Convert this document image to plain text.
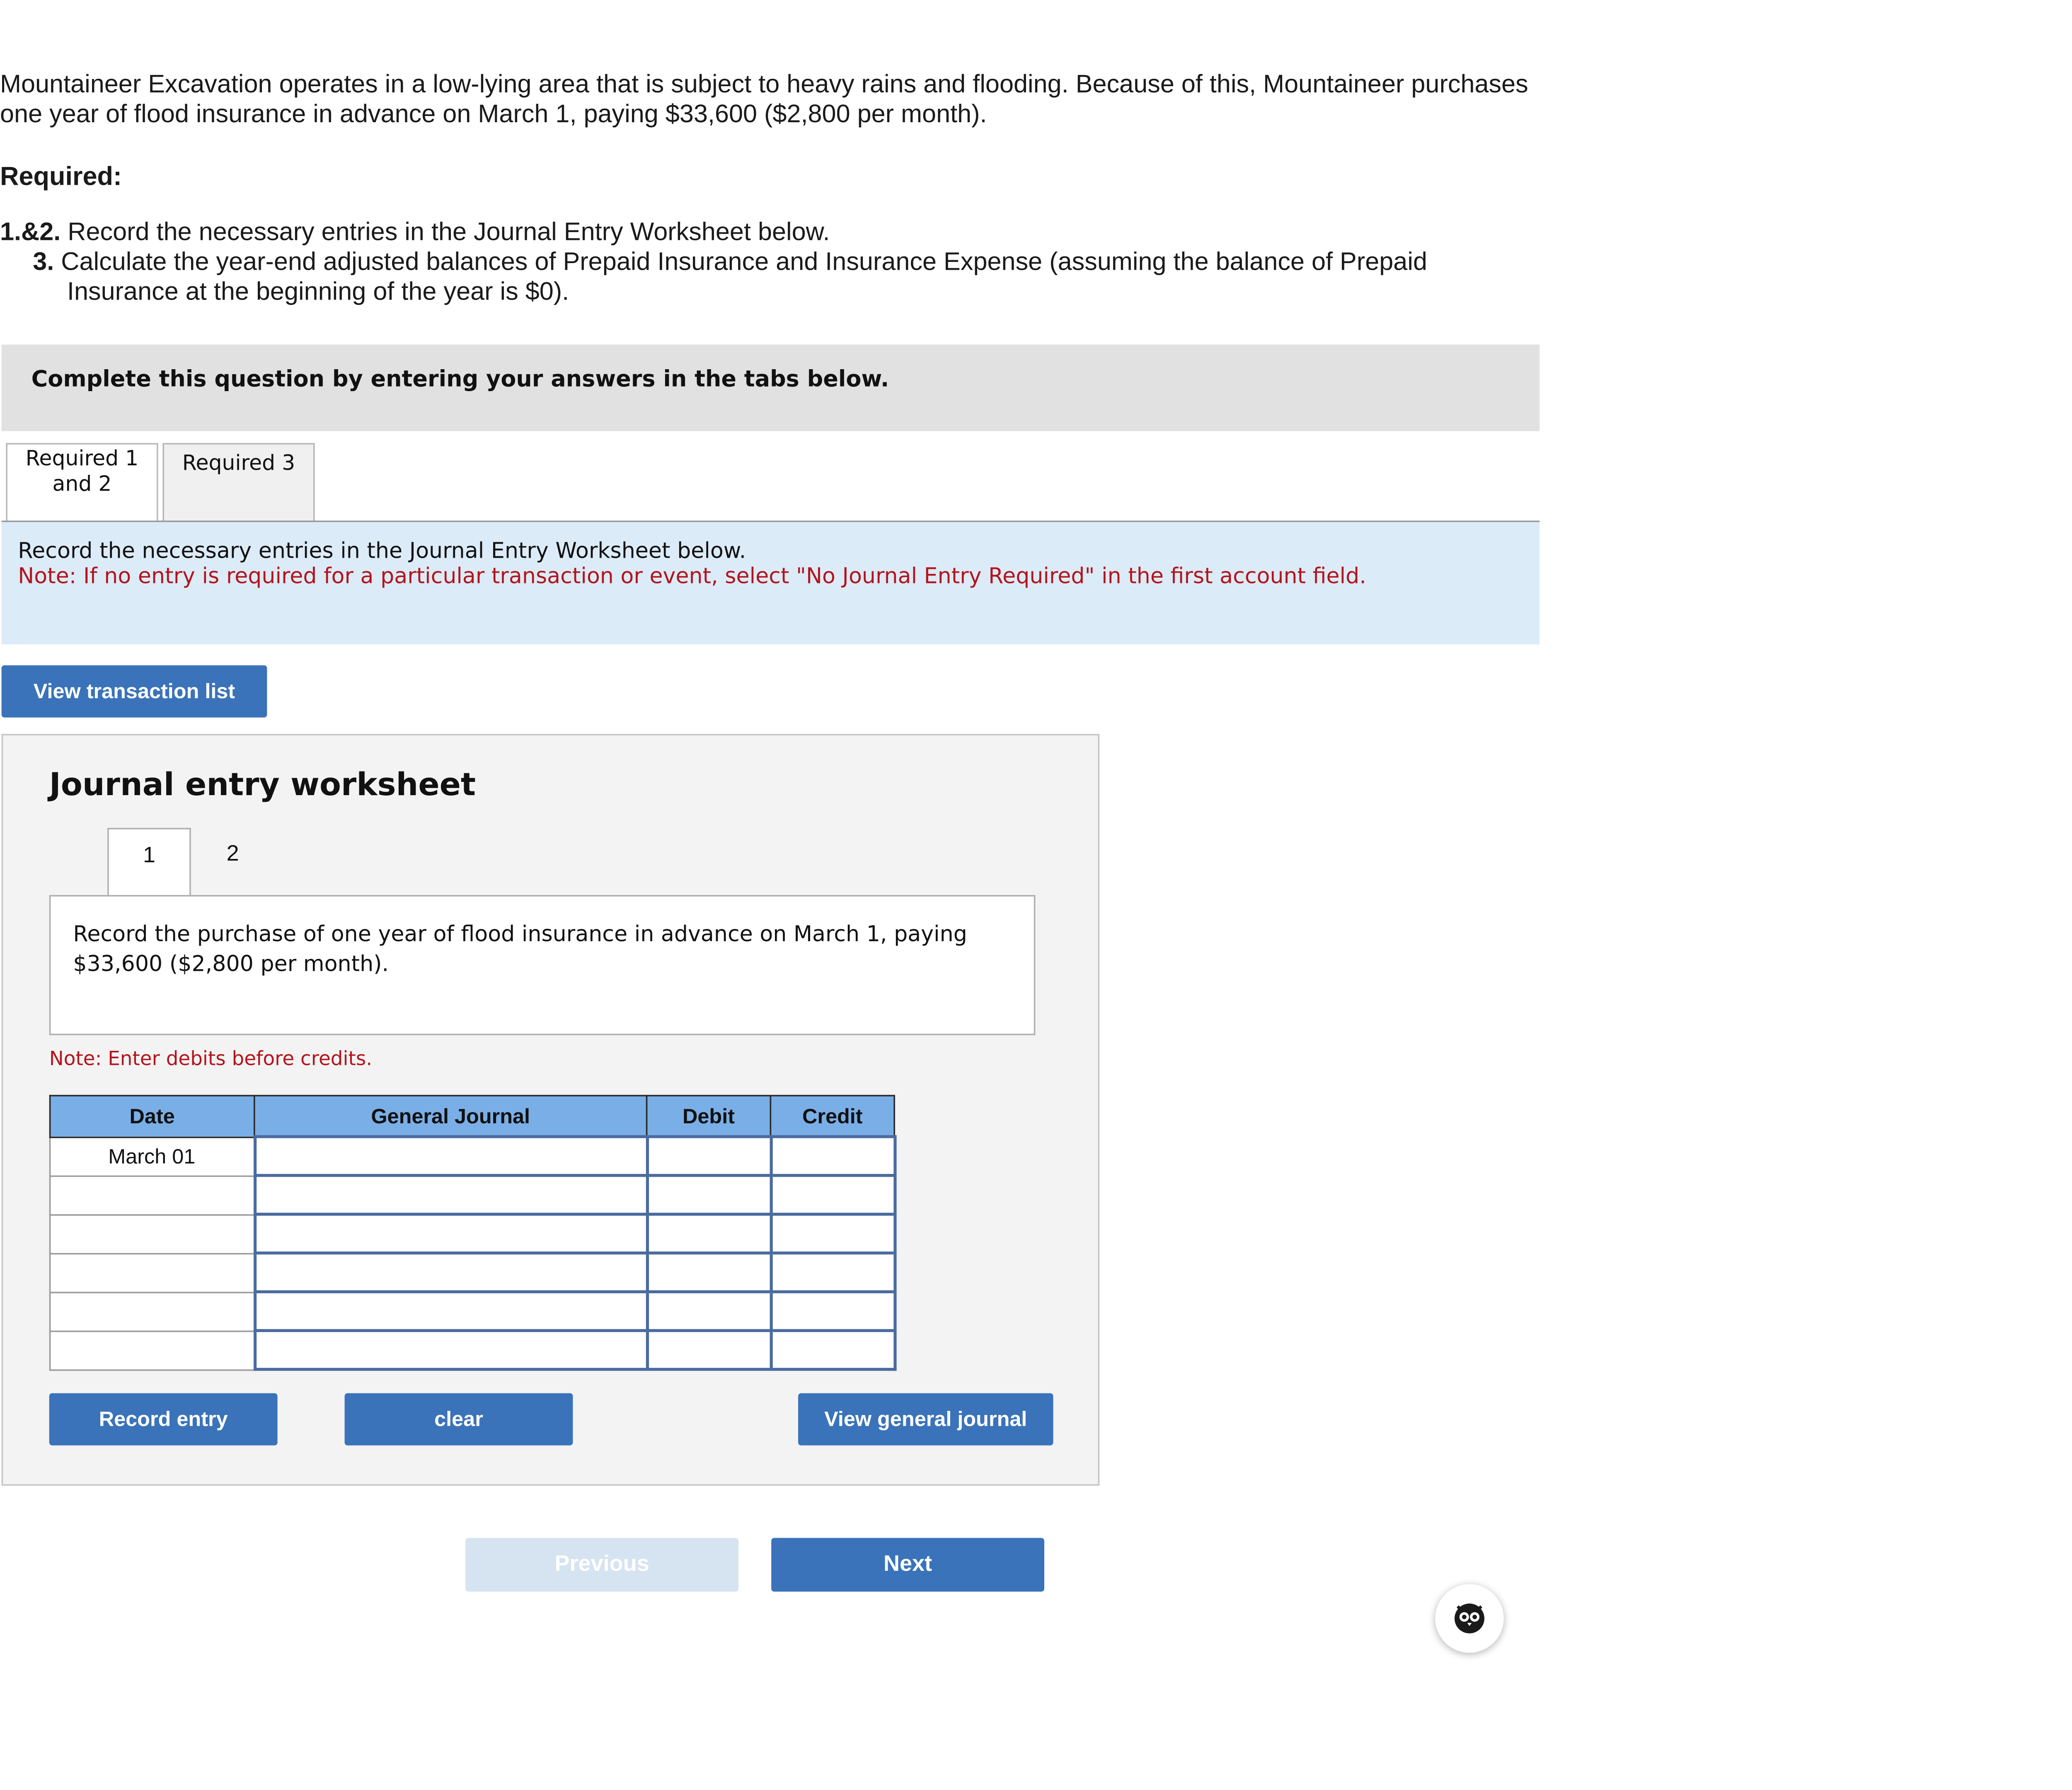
Mountaineer Excavation operates in a low-lying area that is subject to heavy rains and flooding. Because of this, Mountaineer purchases one year of flood insurance in advance on March 1, paying $33,600 ($2,800 per month).

Required:

1.&2. Record the necessary entries in the Journal Entry Worksheet below.

3. Calculate the year-end adjusted balances of Prepaid Insurance and Insurance Expense (assuming the balance of Prepaid

Insurance at the beginning of the year is $0).

Complete this question by entering your answers in the tabs below.
Required 1
and 2
Required 3
Record the necessary entries in the Journal Entry Worksheet below.
Note: If no entry is required for a particular transaction or event, select "No Journal Entry Required" in the first account field.
View transaction list
Journal entry worksheet
1	2
Record the purchase of one year of flood insurance in advance on March 1, paying $33,600 ($2,800 per month).
Note: Enter debits before credits.
Date	General Journal	Debit	Credit
March 01			

Record entry	clear	View general journal
Previous	Next
